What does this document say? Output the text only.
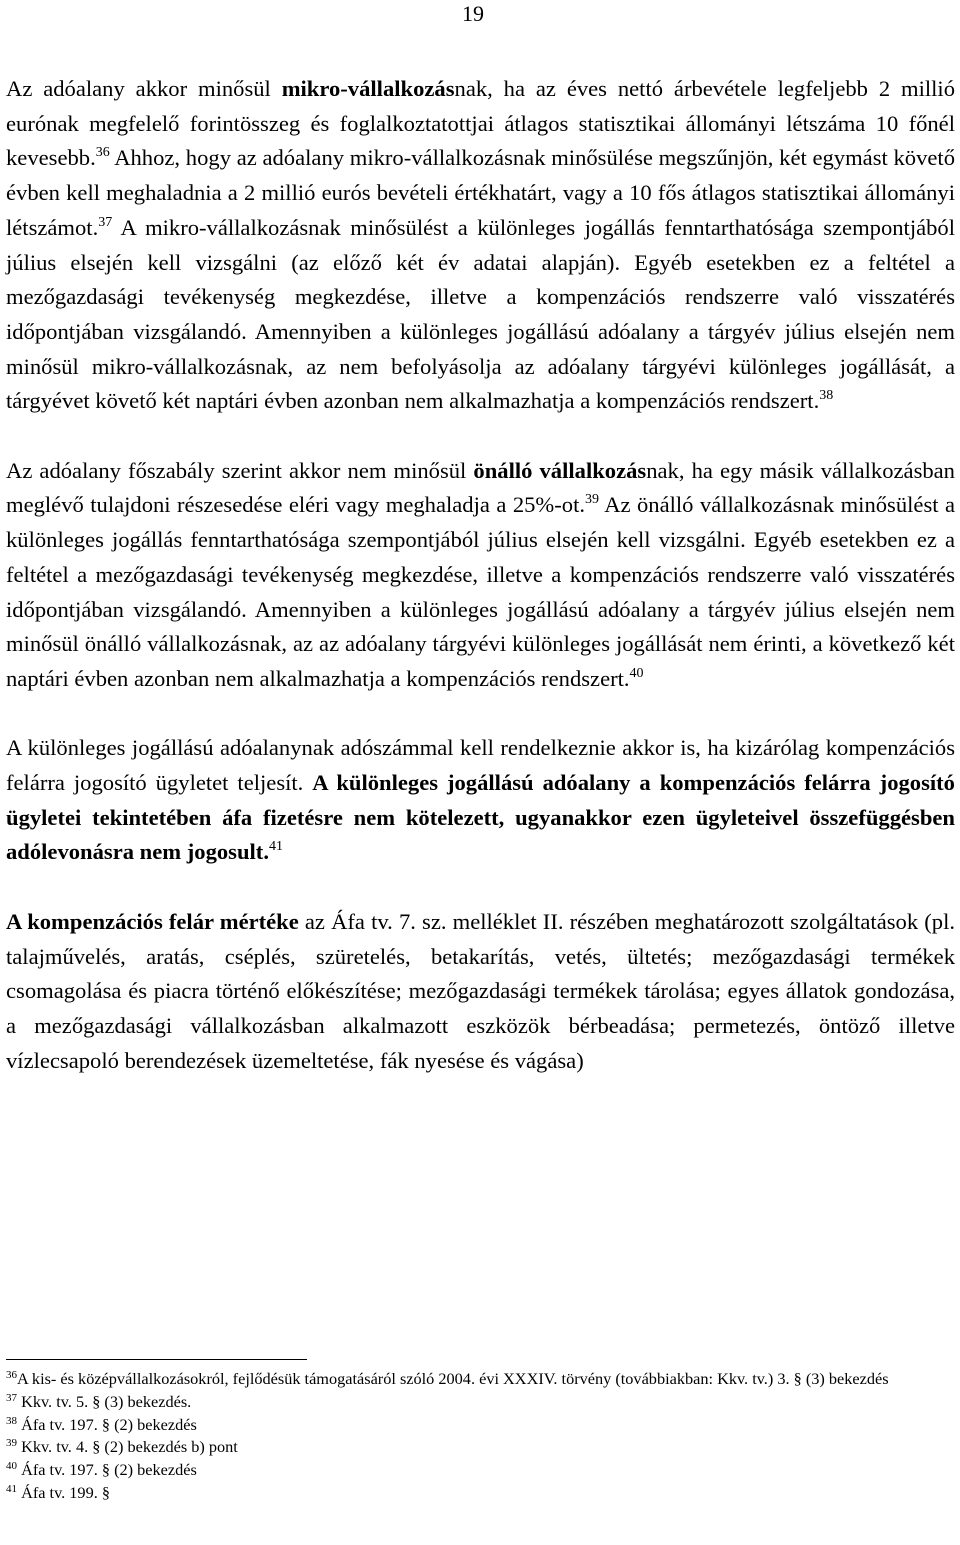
19

Az adóalany akkor minősül mikro-vállalkozásnak, ha az éves nettó árbevétele legfeljebb 2 millió eurónak megfelelő forintösszeg és foglalkoztatottjai átlagos statisztikai állományi létszáma 10 főnél kevesebb.$^{36}$ Ahhoz, hogy az adóalany mikro-vállalkozásnak minősülése megszűnjön, két egymást követő évben kell meghaladnia a 2 millió eurós bevételi értékhatárt, vagy a 10 fős átlagos statisztikai állományi létszámot.$^{37}$ A mikro-vállalkozásnak minősülést a különleges jogállás fenntarthatósága szempontjából július elsején kell vizsgálni (az előző két év adatai alapján). Egyéb esetekben ez a feltétel a mezőgazdasági tevékenység megkezdése, illetve a kompenzációs rendszerre való visszatérés időpontjában vizsgálandó. Amennyiben a különleges jogállású adóalany a tárgyév július elsején nem minősül mikro-vállalkozásnak, az nem befolyásolja az adóalany tárgyévi különleges jogállását, a tárgyévet követő két naptári évben azonban nem alkalmazhatja a kompenzációs rendszert.$^{38}$

Az adóalany főszabály szerint akkor nem minősül önálló vállalkozásnak, ha egy másik vállalkozásban meglévő tulajdoni részesedése eléri vagy meghaladja a 25%-ot.$^{39}$ Az önálló vállalkozásnak minősülést a különleges jogállás fenntarthatósága szempontjából július elsején kell vizsgálni. Egyéb esetekben ez a feltétel a mezőgazdasági tevékenység megkezdése, illetve a kompenzációs rendszerre való visszatérés időpontjában vizsgálandó. Amennyiben a különleges jogállású adóalany a tárgyév július elsején nem minősül önálló vállalkozásnak, az az adóalany tárgyévi különleges jogállását nem érinti, a következő két naptári évben azonban nem alkalmazhatja a kompenzációs rendszert.$^{40}$

A különleges jogállású adóalanynak adószámmal kell rendelkeznie akkor is, ha kizárólag kompenzációs felárra jogosító ügyletet teljesít. A különleges jogállású adóalany a kompenzációs felárra jogosító ügyletei tekintetében áfa fizetésre nem kötelezett, ugyanakkor ezen ügyleteivel összefüggésben adólevonásra nem jogosult.$^{41}$

A kompenzációs felár mértéke az Áfa tv. 7. sz. melléklet II. részében meghatározott szolgáltatások (pl. talajművelés, aratás, cséplés, szüretelés, betakarítás, vetés, ültetés; mezőgazdasági termékek csomagolása és piacra történő előkészítése; mezőgazdasági termékek tárolása; egyes állatok gondozása, a mezőgazdasági vállalkozásban alkalmazott eszközök bérbeadása; permetezés, öntöző illetve vízlecsapoló berendezések üzemeltetése, fák nyesése és vágása)

$^{36}$A kis- és középvállalkozásokról, fejlődésük támogatásáról szóló 2004. évi XXXIV. törvény (továbbiakban: Kkv. tv.) 3. § (3) bekezdés

$^{37}$ Kkv. tv. 5. § (3) bekezdés.

$^{38}$ Áfa tv. 197. § (2) bekezdés

$^{39}$ Kkv. tv. 4. § (2) bekezdés b) pont

$^{40}$ Áfa tv. 197. § (2) bekezdés

$^{41}$ Áfa tv. 199. §
